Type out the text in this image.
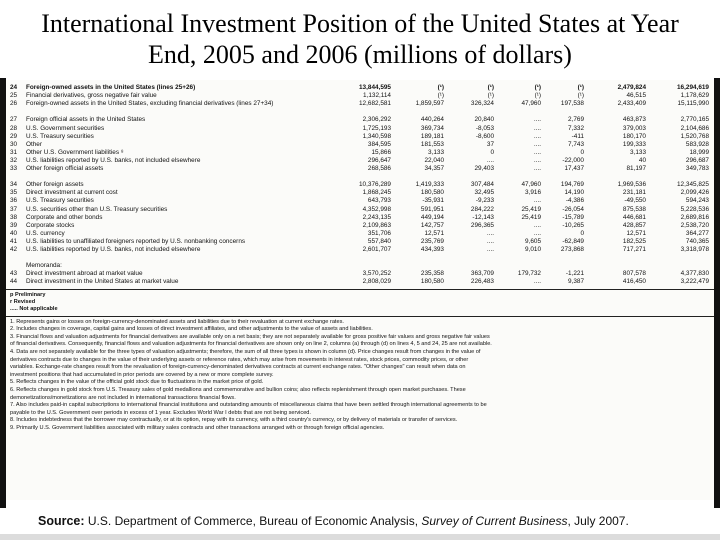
International Investment Position of the United States at Year
End, 2005 and 2006 (millions of dollars)
24	Foreign-owned assets in the United States (lines 25+26)	13,844,595	(¹)	(¹)	(¹)	(¹)	2,479,824	16,294,619
25	Financial derivatives, gross negative fair value	1,132,114	(¹)	(¹)	(¹)	(¹)	46,515	1,178,629
26	Foreign-owned assets in the United States, excluding financial derivatives (lines 27+34)	12,682,581	1,859,597	326,324	47,960	197,538	2,433,409	15,115,990
27	Foreign official assets in the United States	2,306,292	440,264	20,840	....	2,769	463,873	2,770,165
28	U.S. Government securities	1,725,193	369,734	-8,053	....	7,332	379,003	2,104,686
29	U.S. Treasury securities	1,340,598	189,181	-8,600	....	-411	180,170	1,520,768
30	Other	384,595	181,553	37	....	7,743	199,333	583,928
31	Other U.S. Government liabilities ⁸	15,866	3,133	0	....	0	3,133	18,999
32	U.S. liabilities reported by U.S. banks, not included elsewhere	296,647	22,040	....	....	-22,000	40	296,687
33	Other foreign official assets	268,586	34,357	29,403	....	17,437	81,197	349,783
34	Other foreign assets	10,376,289	1,419,333	307,484	47,960	194,769	1,969,536	12,345,825
35	Direct investment at current cost	1,868,245	180,580	32,495	3,916	14,190	231,181	2,099,426
36	U.S. Treasury securities	643,793	-35,931	-9,233	....	-4,386	-49,550	594,243
37	U.S. securities other than U.S. Treasury securities	4,352,998	591,951	284,222	25,419	-26,054	875,538	5,228,536
38	Corporate and other bonds	2,243,135	449,194	-12,143	25,419	-15,789	446,681	2,689,816
39	Corporate stocks	2,109,863	142,757	296,365	....	-10,265	428,857	2,538,720
40	U.S. currency	351,706	12,571	....	....	0	12,571	364,277
41	U.S. liabilities to unaffiliated foreigners reported by U.S. nonbanking concerns	557,840	235,769	....	9,605	-62,849	182,525	740,365
42	U.S. liabilities reported by U.S. banks, not included elsewhere	2,601,707	434,393	....	9,010	273,868	717,271	3,318,978
Memoranda:
43	Direct investment abroad at market value	3,570,252	235,358	363,709	179,732	-1,221	807,578	4,377,830
44	Direct investment in the United States at market value	2,808,029	180,580	226,483	....	9,387	416,450	3,222,479
p Preliminary
r Revised
..... Not applicable
1. Represents gains or losses on foreign-currency-denominated assets and liabilities due to their revaluation at current exchange rates.
2. Includes changes in coverage, capital gains and losses of direct investment affiliates, and other adjustments to the value of assets and liabilities.
3. Financial flows and valuation adjustments for financial derivatives are available only on a net basis; they are not separately available for gross positive fair values and gross negative fair values
of financial derivatives. Consequently, financial flows and valuation adjustments for financial derivatives are shown only on line 2, columns (a) through (d) on lines 4, 5 and 24, 25 are not available.
4. Data are not separately available for the three types of valuation adjustments; therefore, the sum of all three types is shown in column (d). Price changes result from changes in the value of
derivatives contracts due to changes in the value of their underlying assets or reference rates, which may arise from movements in interest rates, stock prices, commodity prices, or other
variables. Exchange-rate changes result from the revaluation of foreign-currency-denominated derivatives contracts at current exchange rates. "Other changes" can result when data on
investment positions that had accumulated in prior periods are covered by a new or more complete survey.
5. Reflects changes in the value of the official gold stock due to fluctuations in the market price of gold.
6. Reflects changes in gold stock from U.S. Treasury sales of gold medallions and commemorative and bullion coins; also reflects replenishment through open market purchases. These
demonetizations/monetizations are not included in international transactions financial flows.
7. Also includes paid-in capital subscriptions to international financial institutions and outstanding amounts of miscellaneous claims that have been settled through international agreements to be
payable to the U.S. Government over periods in excess of 1 year. Excludes World War I debts that are not being serviced.
8. Includes indebtedness that the borrower may contractually, or at its option, repay with its currency, with a third country's currency, or by delivery of materials or transfer of services.
9. Primarily U.S. Government liabilities associated with military sales contracts and other transactions arranged with or through foreign official agencies.
Source: U.S. Department of Commerce, Bureau of Economic Analysis, Survey of Current Business, July 2007.
